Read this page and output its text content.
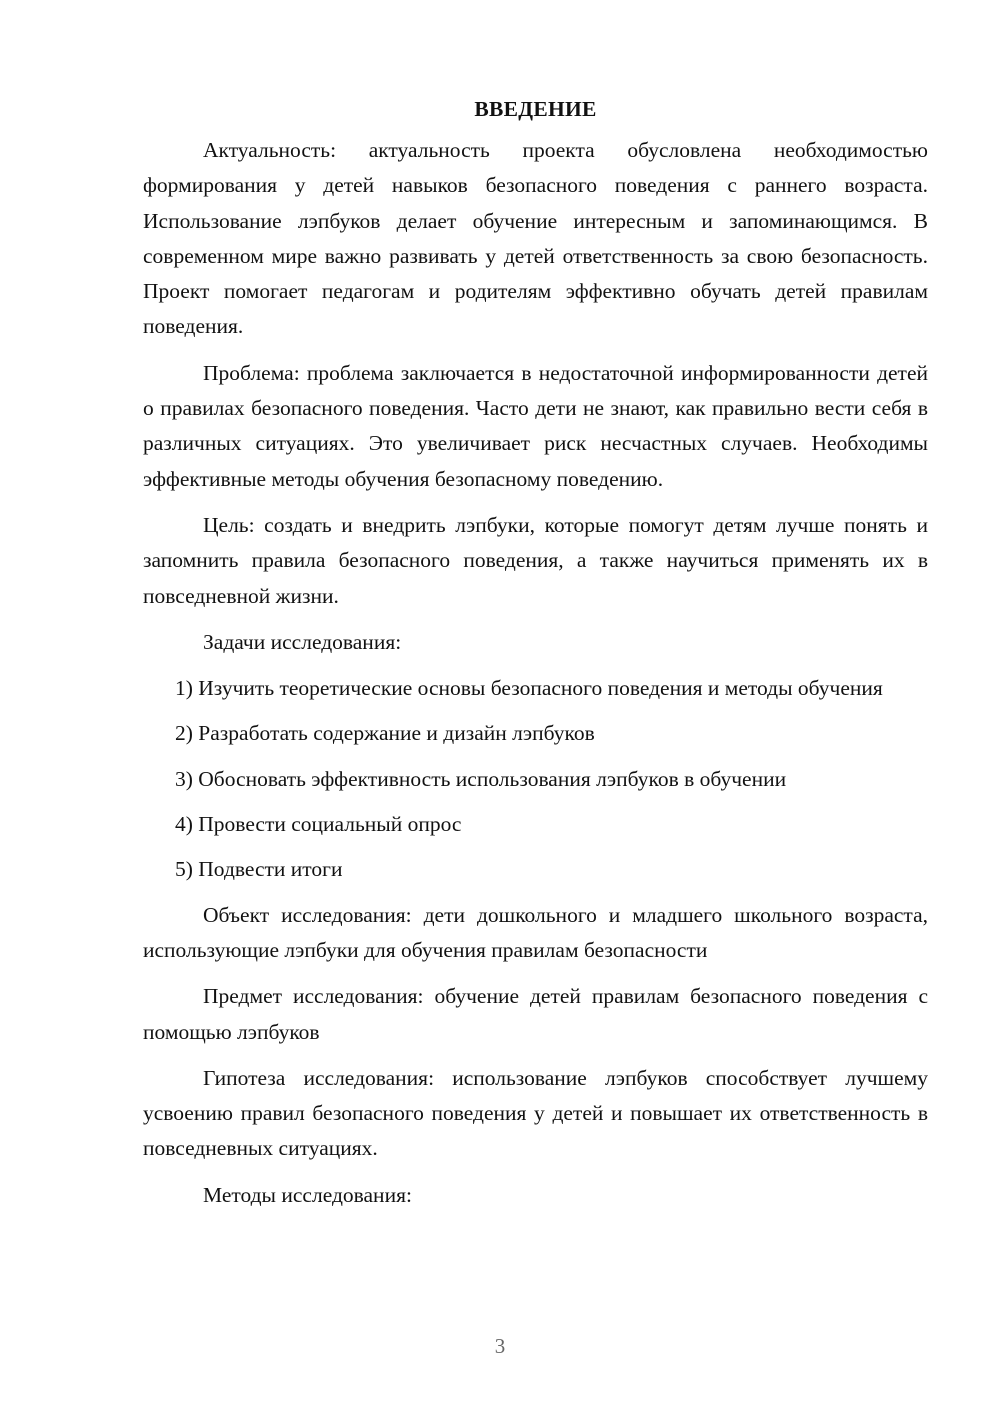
ВВЕДЕНИЕ

Актуальность: актуальность проекта обусловлена необходимостью формирования у детей навыков безопасного поведения с раннего возраста. Использование лэпбуков делает обучение интересным и запоминающимся. В современном мире важно развивать у детей ответственность за свою безопасность. Проект помогает педагогам и родителям эффективно обучать детей правилам поведения.

Проблема: проблема заключается в недостаточной информированности детей о правилах безопасного поведения. Часто дети не знают, как правильно вести себя в различных ситуациях. Это увеличивает риск несчастных случаев. Необходимы эффективные методы обучения безопасному поведению.

Цель: создать и внедрить лэпбуки, которые помогут детям лучше понять и запомнить правила безопасного поведения, а также научиться применять их в повседневной жизни.

Задачи исследования:

1) Изучить теоретические основы безопасного поведения и методы обучения

2) Разработать содержание и дизайн лэпбуков

3) Обосновать эффективность использования лэпбуков в обучении

4) Провести социальный опрос

5) Подвести итоги

Объект исследования: дети дошкольного и младшего школьного возраста, использующие лэпбуки для обучения правилам безопасности

Предмет исследования: обучение детей правилам безопасного поведения с помощью лэпбуков

Гипотеза исследования: использование лэпбуков способствует лучшему усвоению правил безопасного поведения у детей и повышает их ответственность в повседневных ситуациях.

Методы исследования:

3
